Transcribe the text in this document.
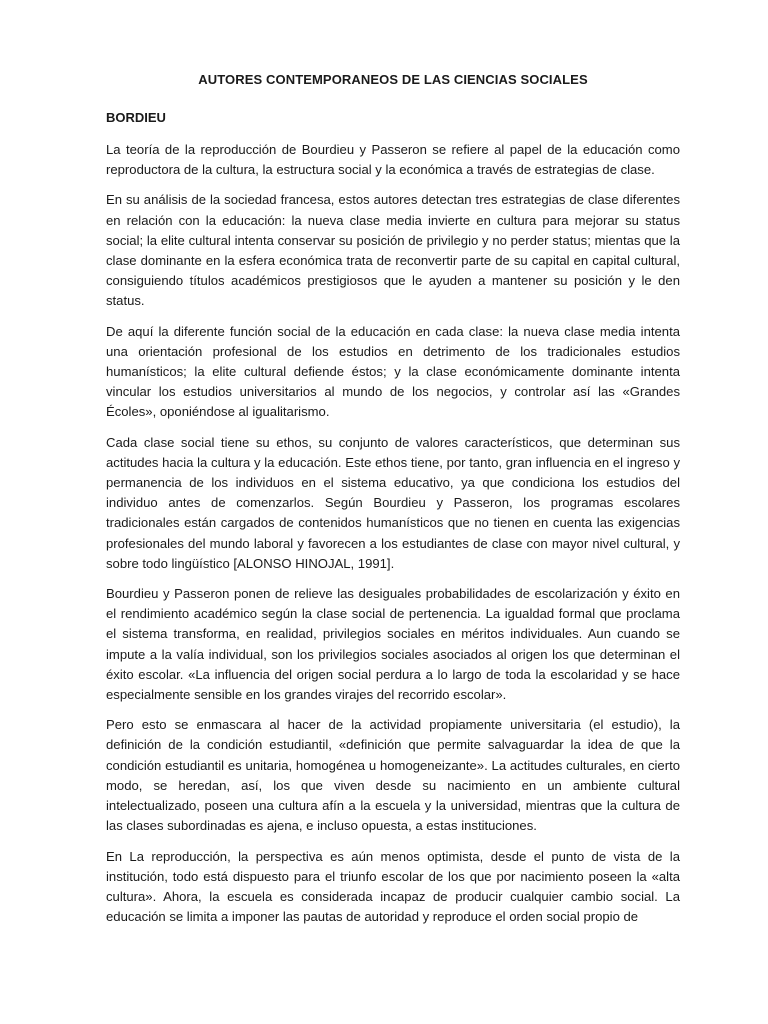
AUTORES CONTEMPORANEOS DE LAS CIENCIAS SOCIALES
BORDIEU

La teoría de la reproducción de Bourdieu y Passeron se refiere al papel de la educación como reproductora de la cultura, la estructura social y la económica a través de estrategias de clase.

En su análisis de la sociedad francesa, estos autores detectan tres estrategias de clase diferentes en relación con la educación: la nueva clase media invierte en cultura para mejorar su status social; la elite cultural intenta conservar su posición de privilegio y no perder status; mientas que la clase dominante en la esfera económica trata de reconvertir parte de su capital en capital cultural, consiguiendo títulos académicos prestigiosos que le ayuden a mantener su posición y le den status.

De aquí la diferente función social de la educación en cada clase: la nueva clase media intenta una orientación profesional de los estudios en detrimento de los tradicionales estudios humanísticos; la elite cultural defiende éstos; y la clase económicamente dominante intenta vincular los estudios universitarios al mundo de los negocios, y controlar así las «Grandes Écoles», oponiéndose al igualitarismo.

Cada clase social tiene su ethos, su conjunto de valores característicos, que determinan sus actitudes hacia la cultura y la educación. Este ethos tiene, por tanto, gran influencia en el ingreso y permanencia de los individuos en el sistema educativo, ya que condiciona los estudios del individuo antes de comenzarlos. Según Bourdieu y Passeron, los programas escolares tradicionales están cargados de contenidos humanísticos que no tienen en cuenta las exigencias profesionales del mundo laboral y favorecen a los estudiantes de clase con mayor nivel cultural, y sobre todo lingüístico [ALONSO HINOJAL, 1991].

Bourdieu y Passeron ponen de relieve las desiguales probabilidades de escolarización y éxito en el rendimiento académico según la clase social de pertenencia. La igualdad formal que proclama el sistema transforma, en realidad, privilegios sociales en méritos individuales. Aun cuando se impute a la valía individual, son los privilegios sociales asociados al origen los que determinan el éxito escolar. «La influencia del origen social perdura a lo largo de toda la escolaridad y se hace especialmente sensible en los grandes virajes del recorrido escolar».

Pero esto se enmascara al hacer de la actividad propiamente universitaria (el estudio), la definición de la condición estudiantil, «definición que permite salvaguardar la idea de que la condición estudiantil es unitaria, homogénea u homogeneizante». La actitudes culturales, en cierto modo, se heredan, así, los que viven desde su nacimiento en un ambiente cultural intelectualizado, poseen una cultura afín a la escuela y la universidad, mientras que la cultura de las clases subordinadas es ajena, e incluso opuesta, a estas instituciones.

En La reproducción, la perspectiva es aún menos optimista, desde el punto de vista de la institución, todo está dispuesto para el triunfo escolar de los que por nacimiento poseen la «alta cultura». Ahora, la escuela es considerada incapaz de producir cualquier cambio social. La educación se limita a imponer las pautas de autoridad y reproduce el orden social propio de
